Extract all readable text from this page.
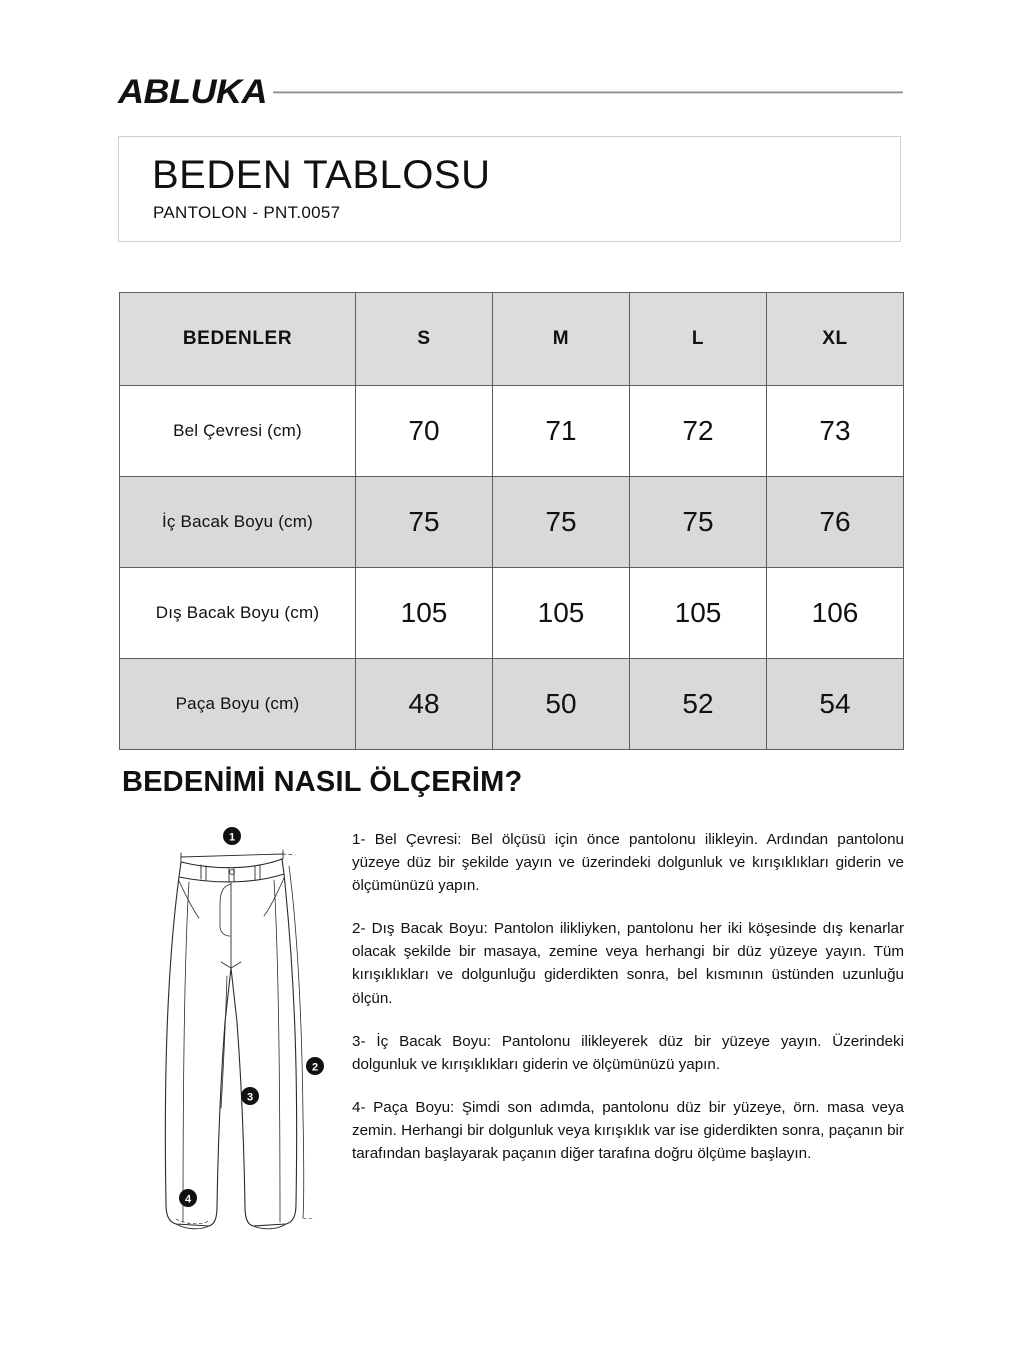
ABLUKA
BEDEN TABLOSU
PANTOLON - PNT.0057
BEDENLER	S	M	L	XL
Bel Çevresi (cm)	70	71	72	73
İç Bacak Boyu (cm)	75	75	75	76
Dış Bacak Boyu (cm)	105	105	105	106
Paça Boyu (cm)	48	50	52	54
BEDENİMİ NASIL ÖLÇERİM?
1
2
3
4

1- Bel Çevresi: Bel ölçüsü için önce pantolonu ilikleyin. Ardından pantolonu yüzeye düz bir şekilde yayın ve üzerindeki dolgunluk ve kırışıklıkları giderin ve ölçümünüzü yapın.

2- Dış Bacak Boyu: Pantolon ilikliyken, pantolonu her iki köşesinde dış kenarlar olacak şekilde bir masaya, zemine veya herhangi bir düz yüzeye yayın. Tüm kırışıklıkları ve dolgunluğu giderdikten sonra, bel kısmının üstünden uzunluğu ölçün.

3- İç Bacak Boyu: Pantolonu ilikleyerek düz bir yüzeye yayın. Üzerindeki dolgunluk ve kırışıklıkları giderin ve ölçümünüzü yapın.

4- Paça Boyu: Şimdi son adımda, pantolonu düz bir yüzeye, örn. masa veya zemin. Herhangi bir dolgunluk veya kırışıklık var ise giderdikten sonra, paçanın bir tarafından başlayarak paçanın diğer tarafına doğru ölçüme başlayın.
